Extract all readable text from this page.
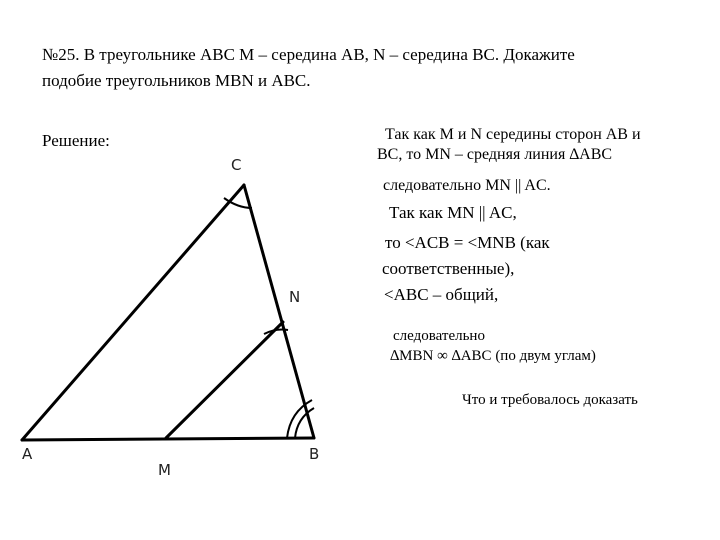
№25. В треугольнике ABC M – середина AB, N – середина BC. Докажите
подобие треугольников MBN и ABC.
Решение:
C
N
A
M
B
Так как M и N середины сторон AB и
BC, то MN – средняя линия ∆ABC
следовательно MN || AC.
Так как MN || AC,
то <ACB = <MNB (как
соответственные),
<ABC – общий,
следовательно
∆MBN ∞ ∆ABC (по двум углам)
Что и требовалось доказать
